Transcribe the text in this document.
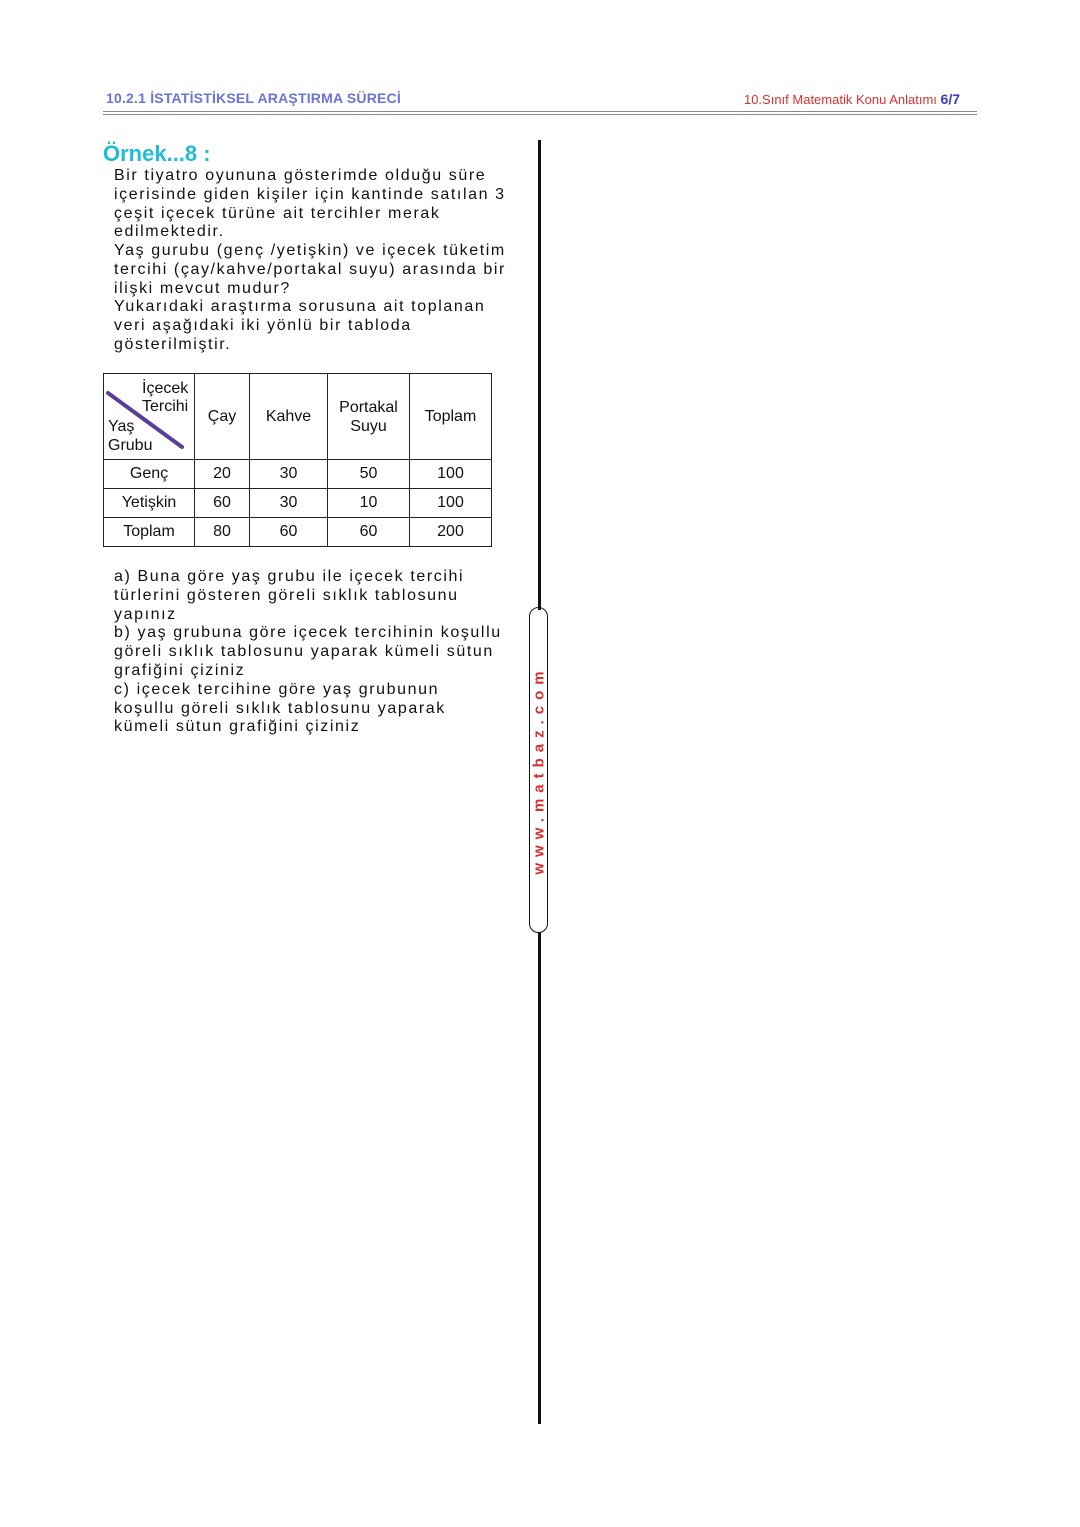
10.2.1 İSTATİSTİKSEL ARAŞTIRMA SÜRECİ	10.Sınıf Matematik Konu Anlatımı 6/7
Örnek...8 :
Bir tiyatro oyununa gösterimde olduğu süre
içerisinde giden kişiler için kantinde satılan 3
çeşit içecek türüne ait tercihler merak
edilmektedir.
Yaş gurubu (genç /yetişkin) ve içecek tüketim
tercihi (çay/kahve/portakal suyu) arasında bir
ilişki mevcut mudur?
Yukarıdaki araştırma sorusuna ait toplanan
veri aşağıdaki iki yönlü bir tabloda
gösterilmiştir.
İçecek
Tercihi
Yaş
Grubu	Çay	Kahve	Portakal Suyu	Toplam
Genç	20	30	50	100
Yetişkin	60	30	10	100
Toplam	80	60	60	200
a) Buna göre yaş grubu ile içecek tercihi
türlerini gösteren göreli sıklık tablosunu
yapınız
b) yaş grubuna göre içecek tercihinin koşullu
göreli sıklık tablosunu yaparak kümeli sütun
grafiğini çiziniz
c) içecek tercihine göre yaş grubunun
koşullu göreli sıklık tablosunu yaparak
kümeli sütun grafiğini çiziniz	www.matbaz.com
